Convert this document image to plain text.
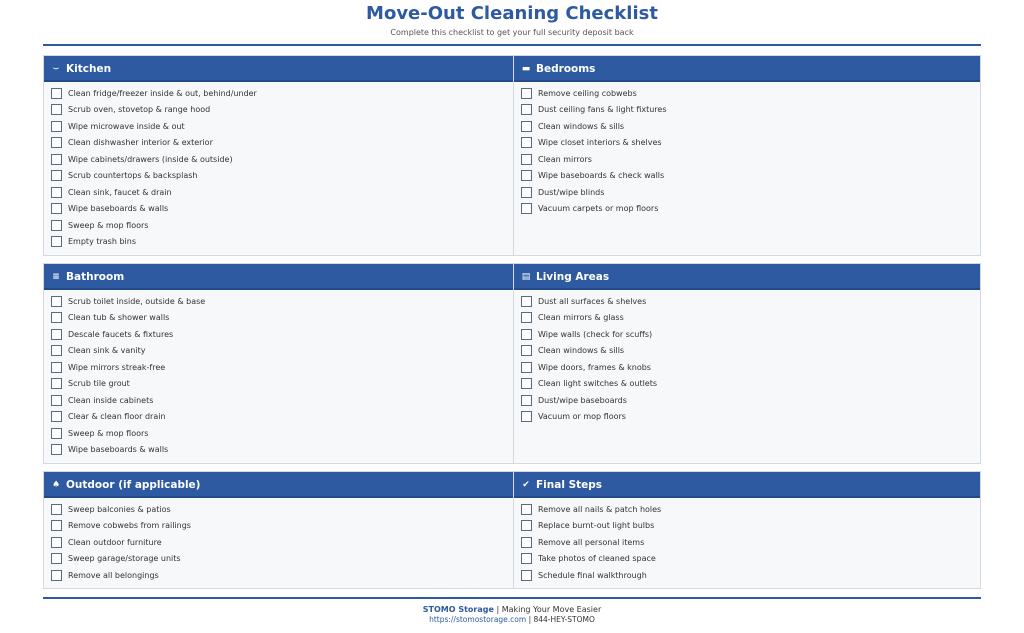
Move-Out Cleaning Checklist
Complete this checklist to get your full security deposit back
⌣ Kitchen
Clean fridge/freezer inside & out, behind/under
Scrub oven, stovetop & range hood
Wipe microwave inside & out
Clean dishwasher interior & exterior
Wipe cabinets/drawers (inside & outside)
Scrub countertops & backsplash
Clean sink, faucet & drain
Wipe baseboards & walls
Sweep & mop floors
Empty trash bins
▬ Bedrooms
Remove ceiling cobwebs
Dust ceiling fans & light fixtures
Clean windows & sills
Wipe closet interiors & shelves
Clean mirrors
Wipe baseboards & check walls
Dust/wipe blinds
Vacuum carpets or mop floors
≡ Bathroom
Scrub toilet inside, outside & base
Clean tub & shower walls
Descale faucets & fixtures
Clean sink & vanity
Wipe mirrors streak-free
Scrub tile grout
Clean inside cabinets
Clear & clean floor drain
Sweep & mop floors
Wipe baseboards & walls
▤ Living Areas
Dust all surfaces & shelves
Clean mirrors & glass
Wipe walls (check for scuffs)
Clean windows & sills
Wipe doors, frames & knobs
Clean light switches & outlets
Dust/wipe baseboards
Vacuum or mop floors
♠ Outdoor (if applicable)
Sweep balconies & patios
Remove cobwebs from railings
Clean outdoor furniture
Sweep garage/storage units
Remove all belongings
✔ Final Steps
Remove all nails & patch holes
Replace burnt-out light bulbs
Remove all personal items
Take photos of cleaned space
Schedule final walkthrough
STOMO Storage | Making Your Move Easier
https://stomostorage.com | 844-HEY-STOMO
